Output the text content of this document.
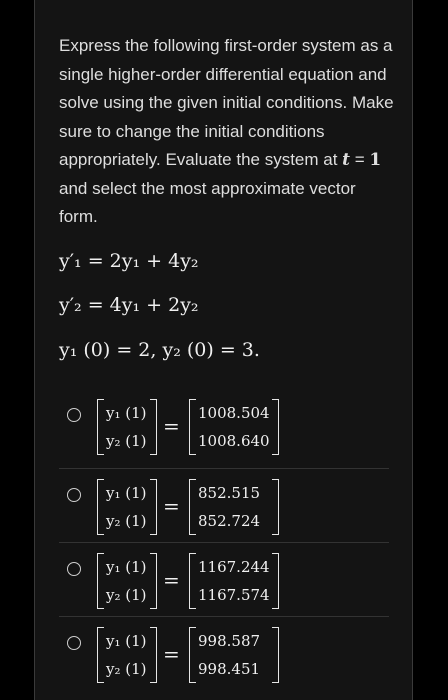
Express the following first-order system as a single higher-order differential equation and solve using the given initial conditions. Make sure to change the initial conditions appropriately. Evaluate the system at t = 1 and select the most approximate vector form.
y′₁ = 2y₁ + 4y₂
y′₂ = 4y₁ + 2y₂
y₁ (0) = 2, y₂ (0) = 3.
y₁ (1)
y₂ (1)
=
1008.504
1008.640
y₁ (1)
y₂ (1)
=
852.515
852.724
y₁ (1)
y₂ (1)
=
1167.244
1167.574
y₁ (1)
y₂ (1)
=
998.587
998.451
